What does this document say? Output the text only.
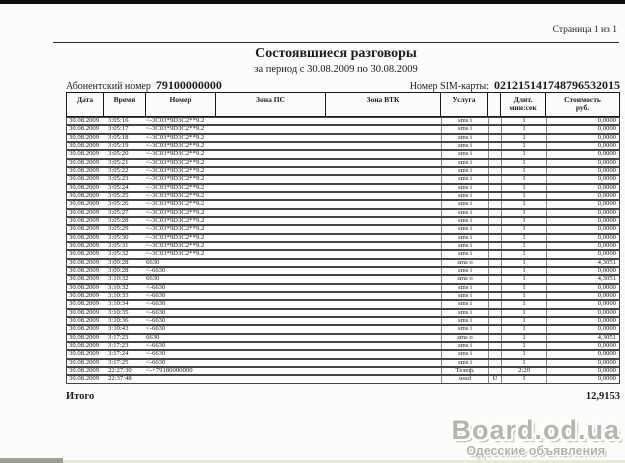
Страница 1 из 1
Состоявшиеся разговоры
за период с 30.08.2009 по 30.08.2009
Абонентский номер 79100000000	Номер SIM-карты: 021215141748796532015
Дата	Время	Номер	Зона ПС	Зона ВТК	Услуга	Длит.
мин:сек
Стоимость
руб.
30.08.2009	3:05:16	<-3C03*9D3C2**9.2	sms i	1	0,0000
30.08.2009	3:05:17	<-3C03*9D3C2**9.2	sms i	1	0,0000
30.08.2009	3:05:18	<-3C03*9D3C2**9.2	sms i	1	0,0000
30.08.2009	3:05:19	<-3C03*9D3C2**9.2	sms i	1	0,0000
30.08.2009	3:05:20	<-3C03*9D3C2**9.2	sms i	1	0,0000
30.08.2009	3:05:21	<-3C03*9D3C2**9.2	sms i	1	0,0000
30.08.2009	3:05:22	<-3C03*9D3C2**9.2	sms i	1	0,0000
30.08.2009	3:05:23	<-3C03*9D3C2**9.2	sms i	1	0,0000
30.08.2009	3:05:24	<-3C03*9D3C2**9.2	sms i	1	0,0000
30.08.2009	3:05:25	<-3C03*9D3C2**9.2	sms i	1	0,0000
30.08.2009	3:05:26	<-3C03*9D3C2**9.2	sms i	1	0,0000
30.08.2009	3:05:27	<-3C03*9D3C2**9.2	sms i	1	0,0000
30.08.2009	3:05:28	<-3C03*9D3C2**9.2	sms i	1	0,0000
30.08.2009	3:05:29	<-3C03*9D3C2**9.2	sms i	1	0,0000
30.08.2009	3:05:30	<-3C03*9D3C2**9.2	sms i	1	0,0000
30.08.2009	3:05:31	<-3C03*9D3C2**9.2	sms i	1	0,0000
30.08.2009	3:05:32	<-3C03*9D3C2**9.2	sms i	1	0,0000
30.08.2009	3:09:28	6630	sms o	1	4,3051
30.08.2009	3:09:28	<-6630	sms i	1	0,0000
30.08.2009	3:10:32	6630	sms o	1	4,3051
30.08.2009	3:10:32	<-6630	sms i	1	0,0000
30.08.2009	3:10:33	<-6630	sms i	1	0,0000
30.08.2009	3:10:34	<-6630	sms i	1	0,0000
30.08.2009	3:10:35	<-6630	sms i	1	0,0000
30.08.2009	3:10:36	<-6630	sms i	1	0,0000
30.08.2009	3:10:43	<-6630	sms i	1	0,0000
30.08.2009	3:17:23	6630	sms o	1	4,3051
30.08.2009	3:17:23	<-6630	sms i	1	0,0000
30.08.2009	3:17:24	<-6630	sms i	1	0,0000
30.08.2009	3:17:25	<-6630	sms i	1	0,0000
30.08.2009	22:27:30 <-+79180000000	Телеф.	2:20	0,0000
30.08.2009	22:37:48	ussd	U	1	0,0000
Итого	12,9153
Board.od.ua
Одесские объявления
